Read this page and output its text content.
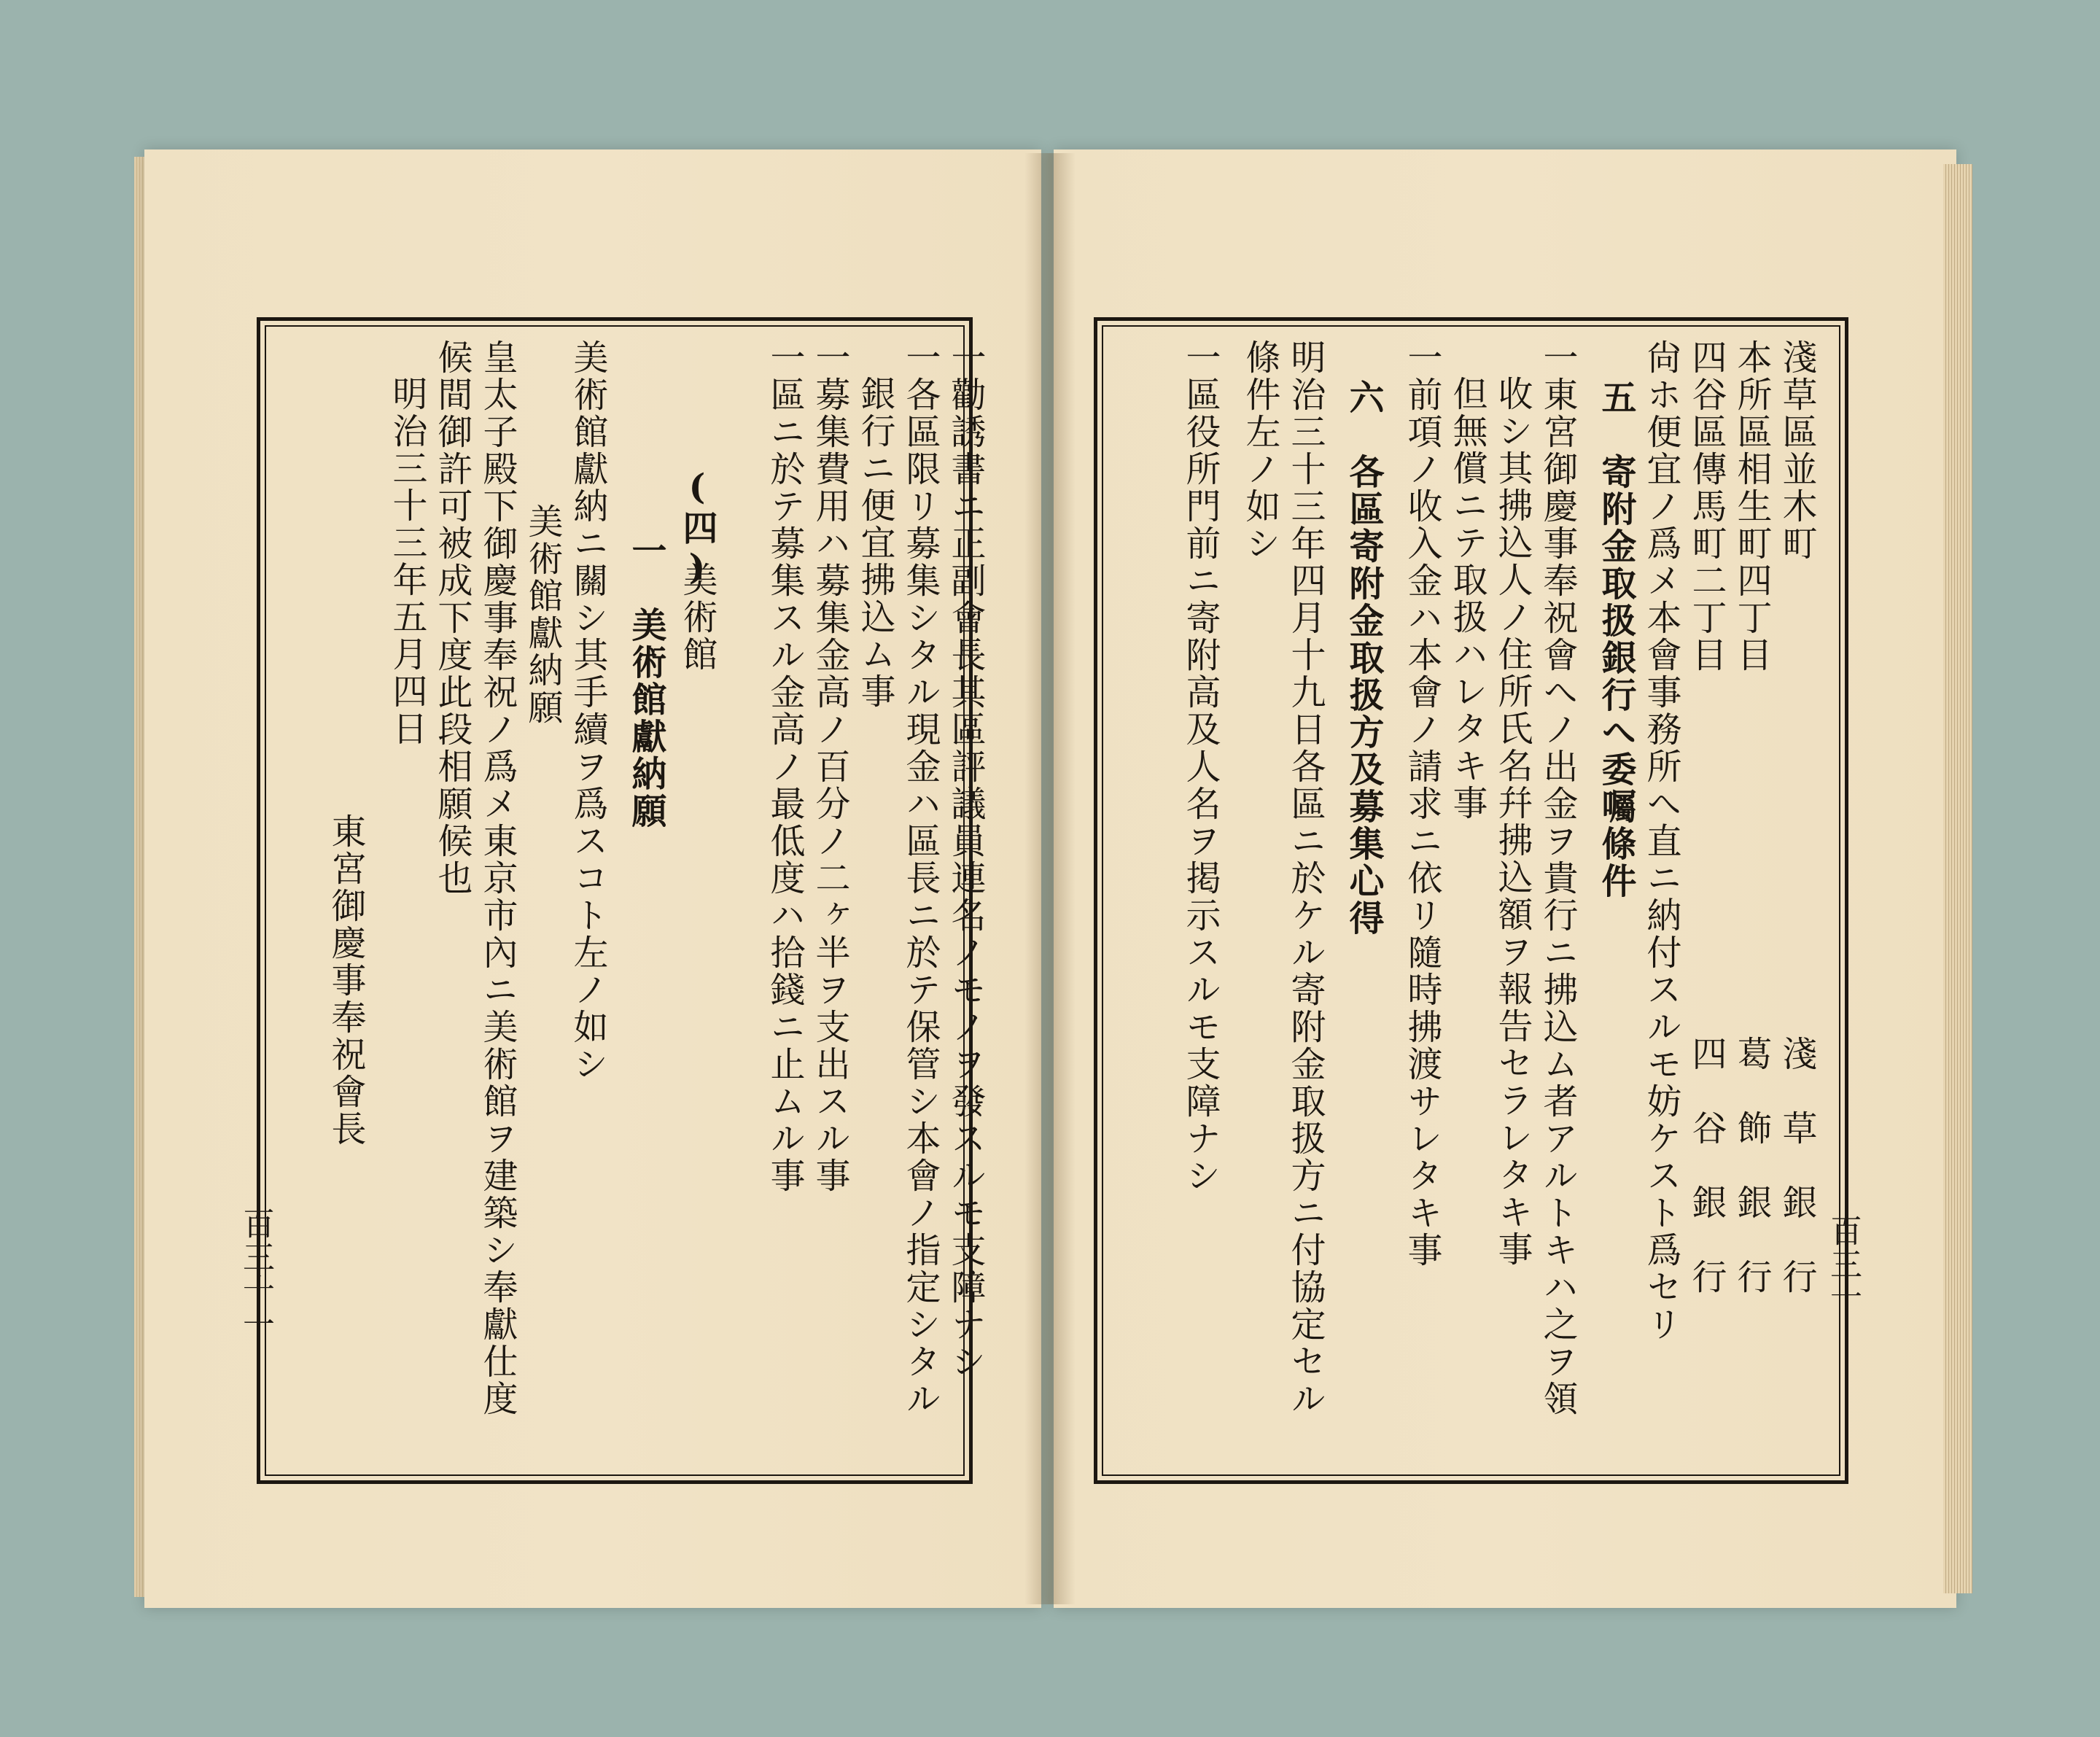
百三十
淺草區並木町
本所區相生町四丁目
四谷區傳馬町二丁目
尙ホ便宜ノ爲メ本會事務所へ直ニ納付スルモ妨ケスト爲セリ	淺　草　銀　行
葛　飾　銀　行
四　谷　銀　行
五　寄附金取扱銀行へ委囑條件
一東宮御慶事奉祝會へノ出金ヲ貴行ニ拂込ム者アルトキハ之ヲ領
收シ其拂込人ノ住所氏名幷拂込額ヲ報告セラレタキ事
但無償ニテ取扱ハレタキ事
一前項ノ收入金ハ本會ノ請求ニ依リ隨時拂渡サレタキ事
六　各區寄附金取扱方及募集心得
明治三十三年四月十九日各區ニ於ケル寄附金取扱方ニ付協定セル
條件左ノ如シ
一區役所門前ニ寄附高及人名ヲ掲示スルモ支障ナシ
百三十一	一勸誘書ニ正副會長其區評議員連名ノモノヲ發スルモ支障ナシ
一各區限リ募集シタル現金ハ區長ニ於テ保管シ本會ノ指定シタル
銀行ニ便宜拂込ム事
一募集費用ハ募集金高ノ百分ノ二ヶ半ヲ支出スル事
一區ニ於テ募集スル金高ノ最低度ハ拾錢ニ止ムル事
(四)
美術館
一　美術館獻納願
美術館獻納ニ關シ其手續ヲ爲スコト左ノ如シ
美術館獻納願
皇太子殿下御慶事奉祝ノ爲メ東京市內ニ美術館ヲ建築シ奉獻仕度
候間御許可被成下度此段相願候也
明治三十三年五月四日
東宮御慶事奉祝會長
